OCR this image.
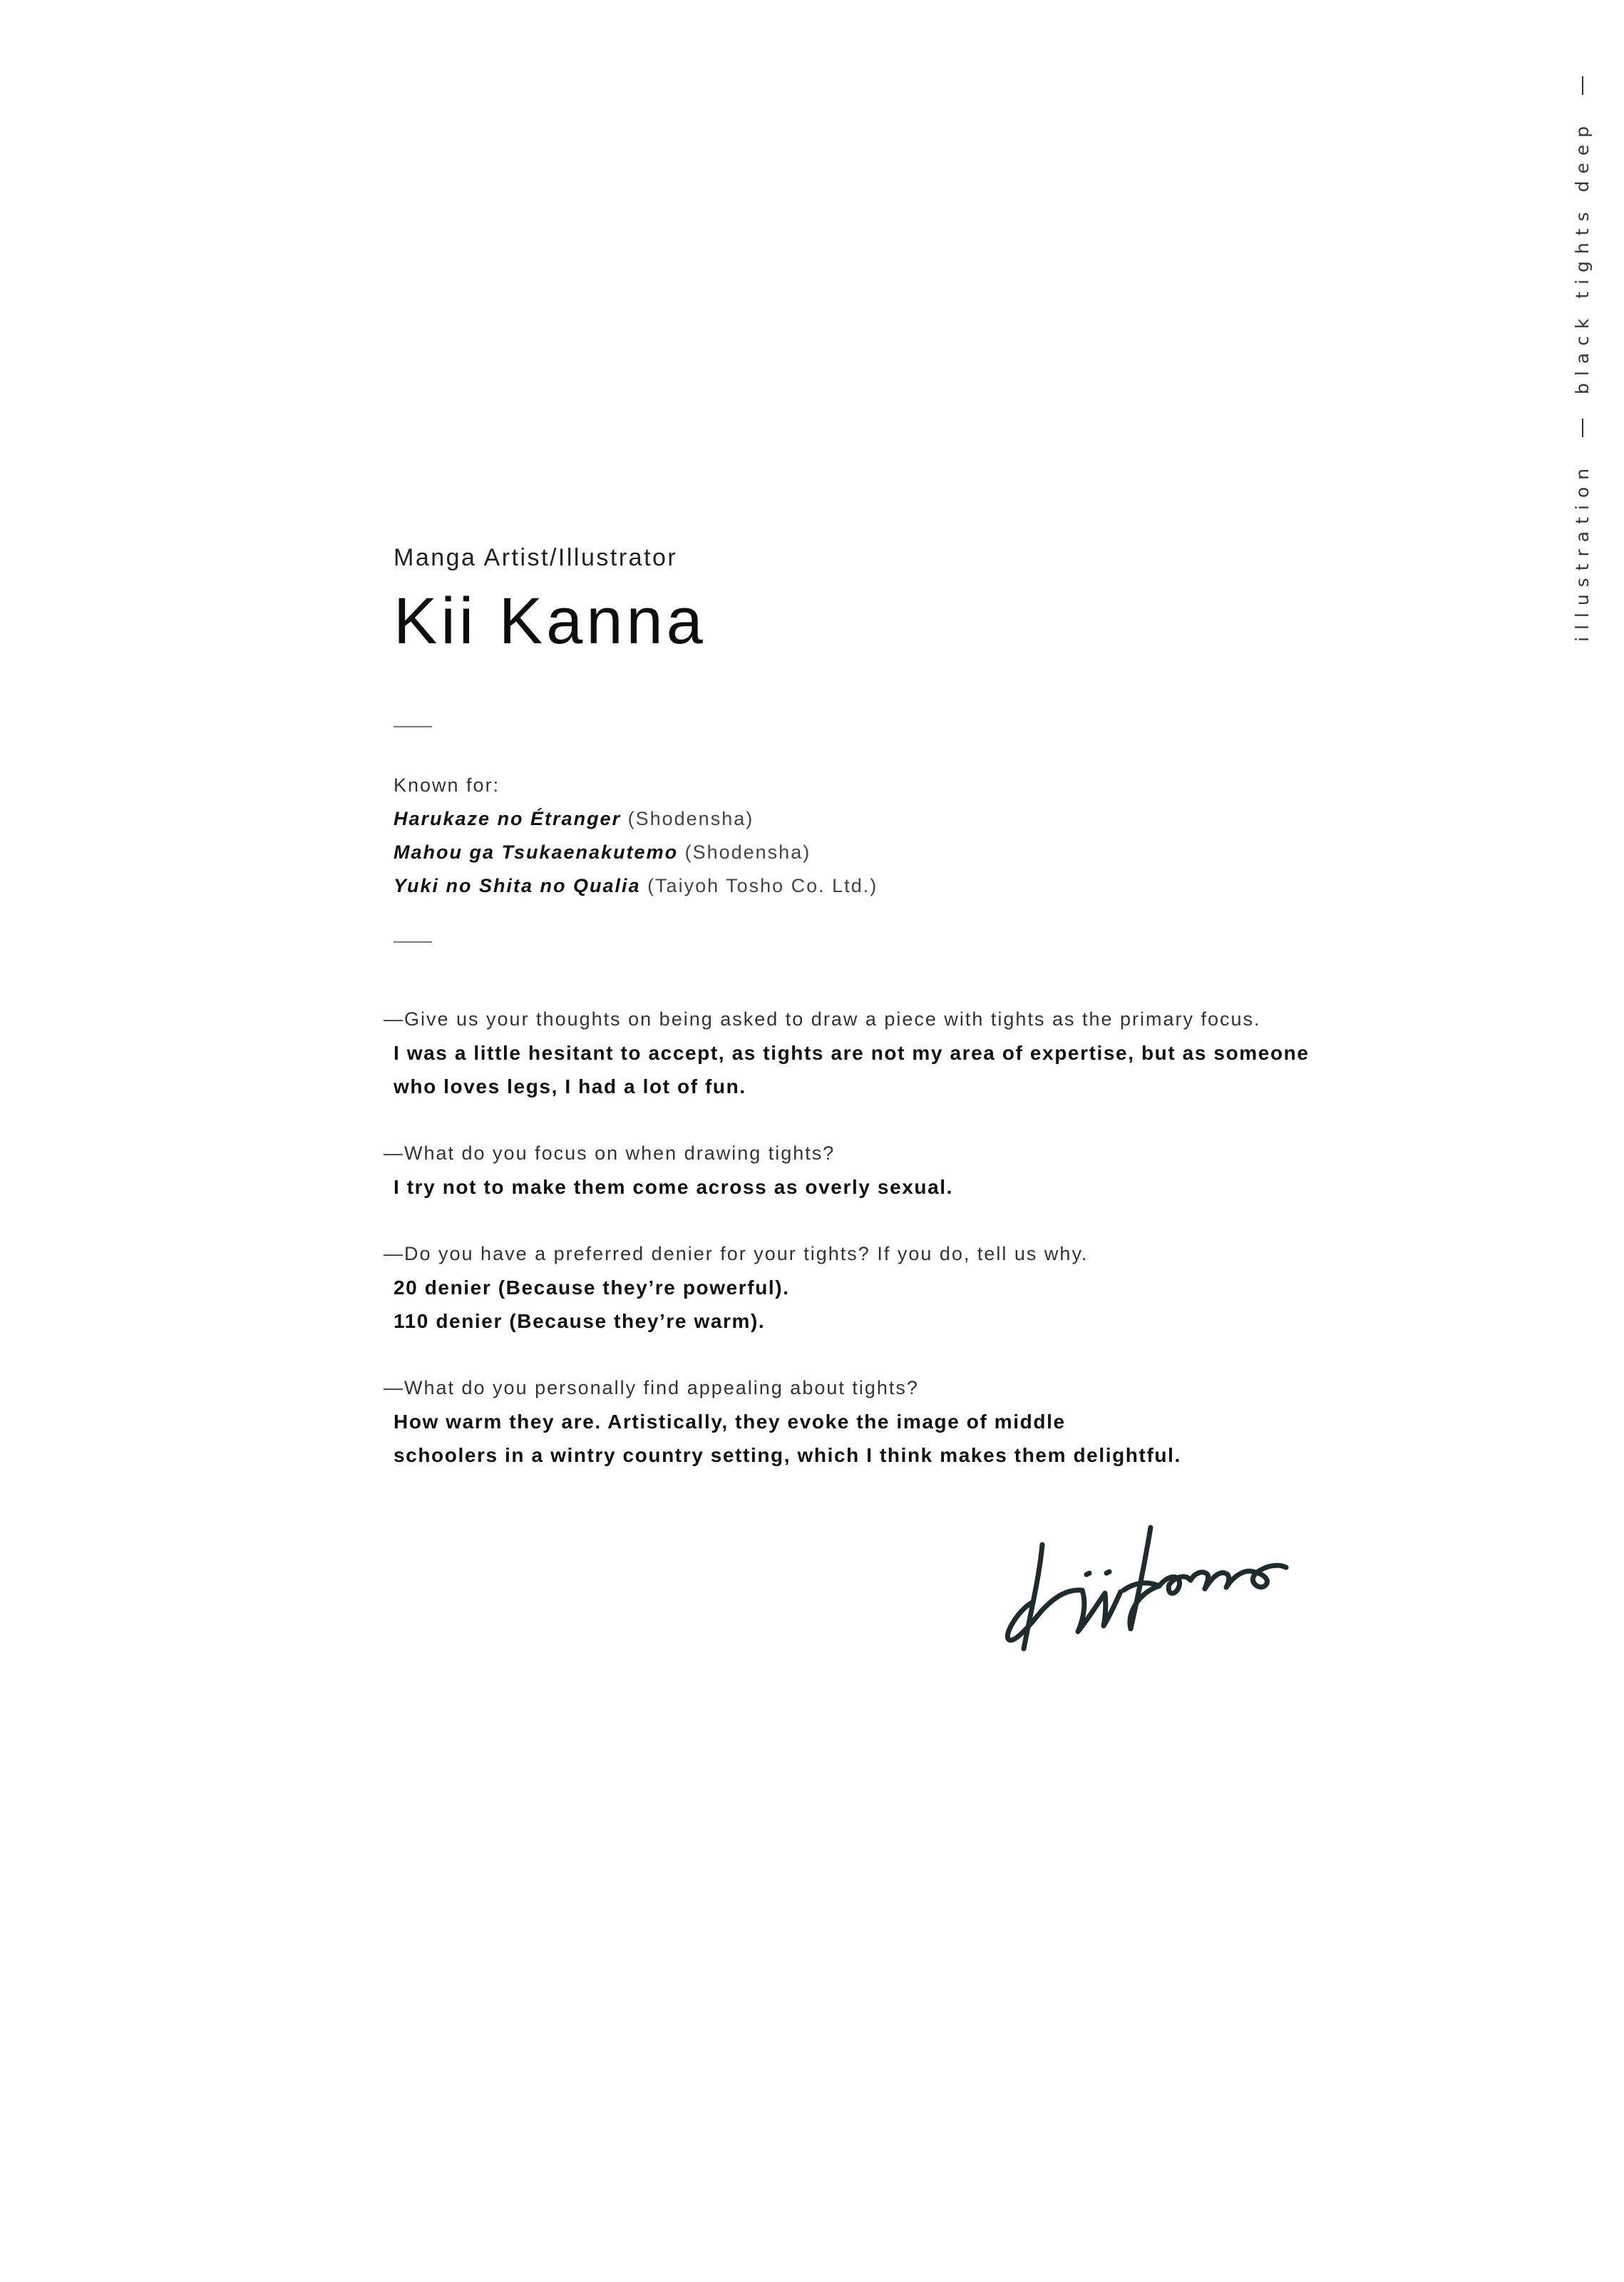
illustration
black tights deep

Manga Artist/Illustrator

Kii Kanna
Known for:
Harukaze no Étranger (Shodensha)
Mahou ga Tsukaenakutemo (Shodensha)
Yuki no Shita no Qualia (Taiyoh Tosho Co. Ltd.)
—Give us your thoughts on being asked to draw a piece with tights as the primary focus.
I was a little hesitant to accept, as tights are not my area of expertise, but as someone
who loves legs, I had a lot of fun.
—What do you focus on when drawing tights?
I try not to make them come across as overly sexual.
—Do you have a preferred denier for your tights? If you do, tell us why.
20 denier (Because they’re powerful).
110 denier (Because they’re warm).
—What do you personally find appealing about tights?
How warm they are. Artistically, they evoke the image of middle
schoolers in a wintry country setting, which I think makes them delightful.
